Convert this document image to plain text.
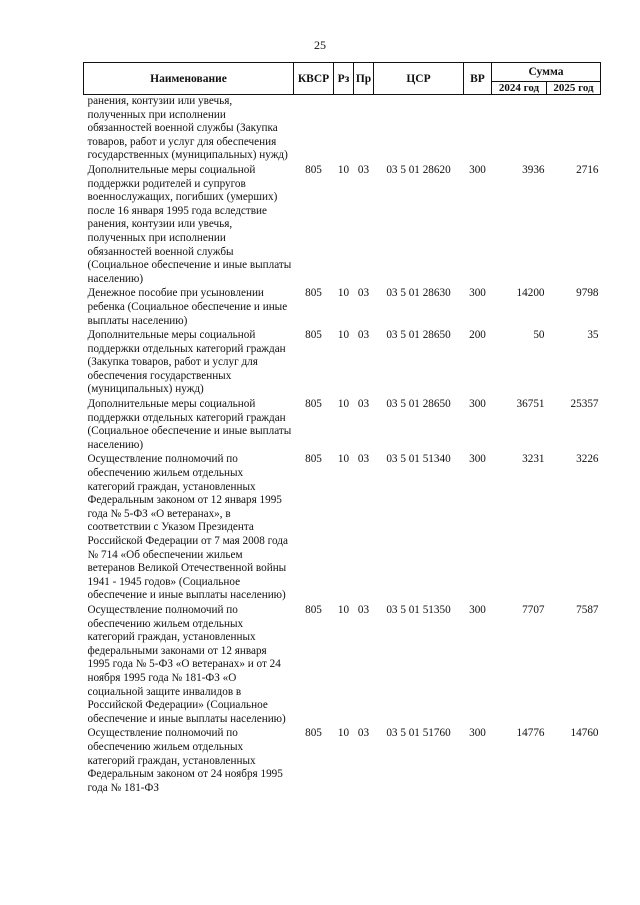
25
Наименование	КВСР	Рз	Пр	ЦСР	ВР	Сумма	
						2024 год	2025 год
ранения, контузии или увечья, полученных при исполнении обязанностей военной службы (Закупка товаров, работ и услуг для обеспечения государственных (муниципальных) нужд)							
Дополнительные меры социальной поддержки родителей и супругов военнослужащих, погибших (умерших) после 16 января 1995 года вследствие ранения, контузии или увечья, полученных при исполнении обязанностей военной службы (Социальное обеспечение и иные выплаты населению)	805	10	03	03 5 01 28620	300	3936	2716
Денежное пособие при усыновлении ребенка (Социальное обеспечение и иные выплаты населению)	805	10	03	03 5 01 28630	300	14200	9798
Дополнительные меры социальной поддержки отдельных категорий граждан (Закупка товаров, работ и услуг для обеспечения государственных (муниципальных) нужд)	805	10	03	03 5 01 28650	200	50	35
Дополнительные меры социальной поддержки отдельных категорий граждан (Социальное обеспечение и иные выплаты населению)	805	10	03	03 5 01 28650	300	36751	25357
Осуществление полномочий по обеспечению жильем отдельных категорий граждан, установленных Федеральным законом от 12 января 1995 года № 5-ФЗ «О ветеранах», в соответствии с Указом Президента Российской Федерации от 7 мая 2008 года № 714 «Об обеспечении жильем ветеранов Великой Отечественной войны 1941 - 1945 годов» (Социальное обеспечение и иные выплаты населению)	805	10	03	03 5 01 51340	300	3231	3226
Осуществление полномочий по обеспечению жильем отдельных категорий граждан, установленных федеральными законами от 12 января 1995 года № 5-ФЗ «О ветеранах» и от 24 ноября 1995 года № 181-ФЗ «О социальной защите инвалидов в Российской Федерации» (Социальное обеспечение и иные выплаты населению)	805	10	03	03 5 01 51350	300	7707	7587
Осуществление полномочий по обеспечению жильем отдельных категорий граждан, установленных Федеральным законом от 24 ноября 1995 года № 181-ФЗ	805	10	03	03 5 01 51760	300	14776	14760
